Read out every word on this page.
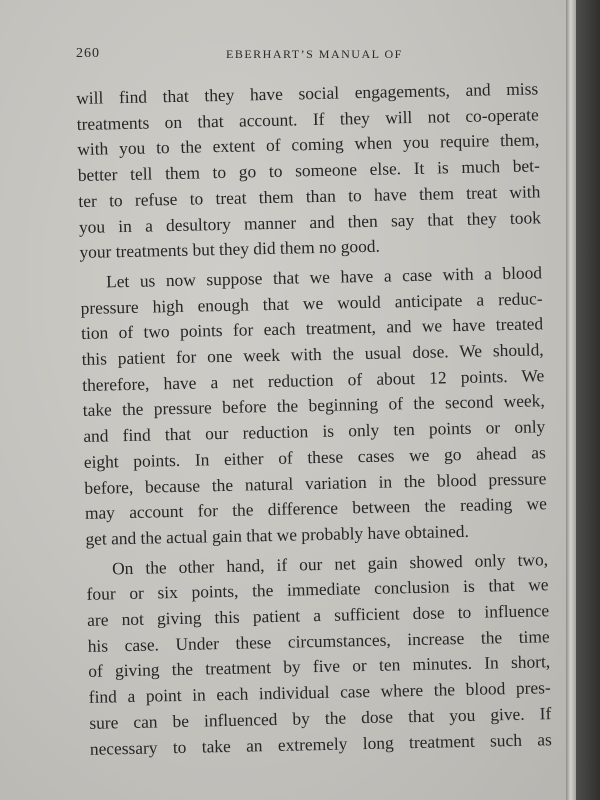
260	EBERHART’S MANUAL OF

will find that they have social engagements, and miss
treatments on that account. If they will not co-operate
with you to the extent of coming when you require them,
better tell them to go to someone else. It is much bet-
ter to refuse to treat them than to have them treat with
you in a desultory manner and then say that they took
your treatments but they did them no good.

Let us now suppose that we have a case with a blood
pressure high enough that we would anticipate a reduc-
tion of two points for each treatment, and we have treated
this patient for one week with the usual dose. We should,
therefore, have a net reduction of about 12 points. We
take the pressure before the beginning of the second week,
and find that our reduction is only ten points or only
eight points. In either of these cases we go ahead as
before, because the natural variation in the blood pressure
may account for the difference between the reading we
get and the actual gain that we probably have obtained.

On the other hand, if our net gain showed only two,
four or six points, the immediate conclusion is that we
are not giving this patient a sufficient dose to influence
his case. Under these circumstances, increase the time
of giving the treatment by five or ten minutes. In short,
find a point in each individual case where the blood pres-
sure can be influenced by the dose that you give. If
necessary to take an extremely long treatment such as
